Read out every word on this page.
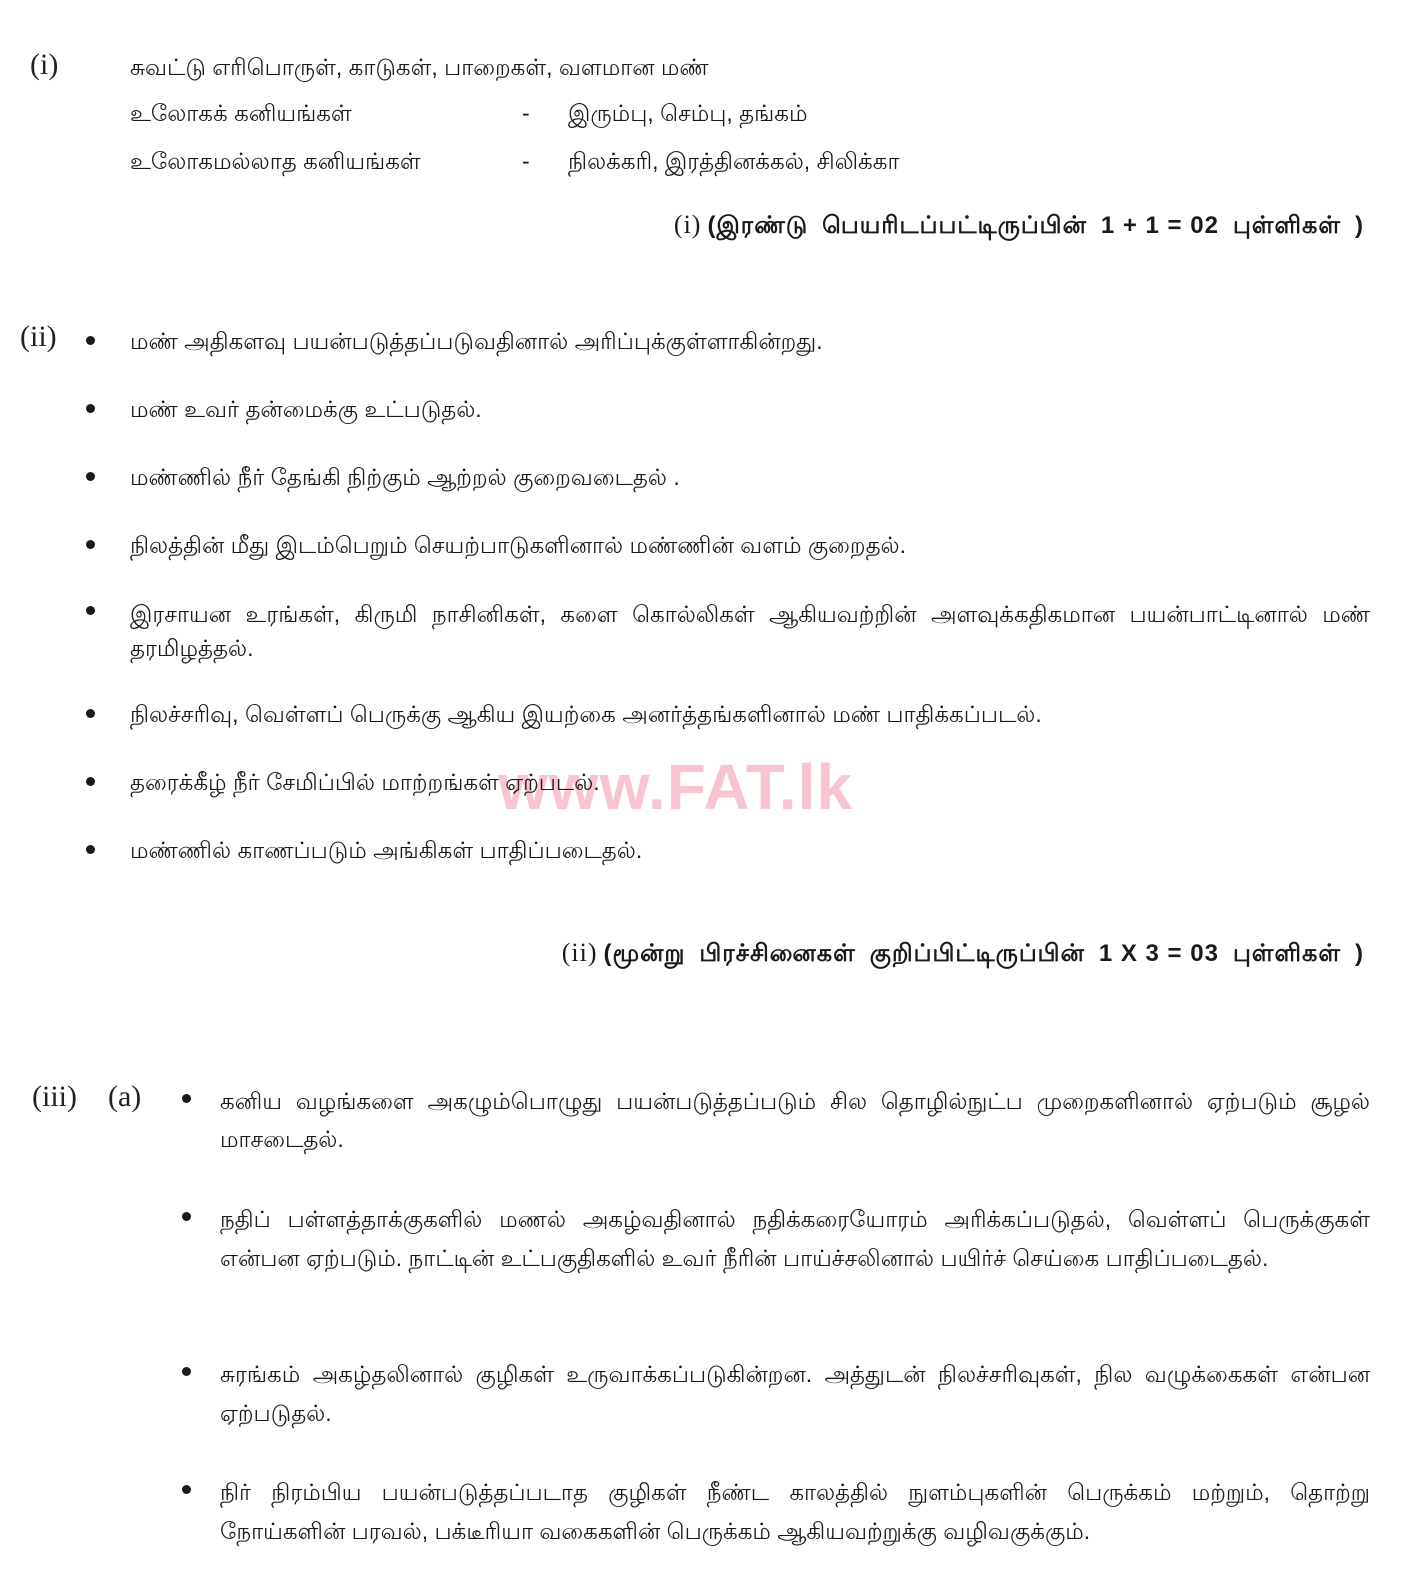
www.FAT.lk
(i)	சுவட்டு எரிபொருள், காடுகள், பாறைகள், வளமான மண்
உலோகக் கனியங்கள்	- இரும்பு, செம்பு, தங்கம்
உலோகமல்லாத கனியங்கள்	- நிலக்கரி, இரத்தினக்கல், சிலிக்கா
(i) (இரண்டு பெயரிடப்பட்டிருப்பின் 1 + 1 = 02 புள்ளிகள் )
(ii)	மண் அதிகளவு பயன்படுத்தப்படுவதினால் அரிப்புக்குள்ளாகின்றது.
மண் உவர் தன்மைக்கு உட்படுதல்.
மண்ணில் நீர் தேங்கி நிற்கும் ஆற்றல் குறைவடைதல் .
நிலத்தின் மீது இடம்பெறும் செயற்பாடுகளினால் மண்ணின் வளம் குறைதல்.
இரசாயன உரங்கள், கிருமி நாசினிகள், களை கொல்லிகள் ஆகியவற்றின் அளவுக்கதிகமான பயன்பாட்டினால் மண் தரமிழத்தல்.
நிலச்சரிவு, வெள்ளப் பெருக்கு ஆகிய இயற்கை அனர்த்தங்களினால் மண் பாதிக்கப்படல்.
தரைக்கீழ் நீர் சேமிப்பில் மாற்றங்கள் ஏற்படல்.
மண்ணில் காணப்படும் அங்கிகள் பாதிப்படைதல்.
(ii) (மூன்று பிரச்சினைகள் குறிப்பிட்டிருப்பின் 1 X 3 = 03 புள்ளிகள் )
(iii) (a)	கனிய வழங்களை அகழும்பொழுது பயன்படுத்தப்படும் சில தொழில்நுட்ப முறைகளினால் ஏற்படும் சூழல் மாசடைதல்.
நதிப் பள்ளத்தாக்குகளில் மணல் அகழ்வதினால் நதிக்கரையோரம் அரிக்கப்படுதல், வெள்ளப் பெருக்குகள் என்பன ஏற்படும். நாட்டின் உட்பகுதிகளில் உவர் நீரின் பாய்ச்சலினால் பயிர்ச் செய்கை பாதிப்படைதல்.
சுரங்கம் அகழ்தலினால் குழிகள் உருவாக்கப்படுகின்றன. அத்துடன் நிலச்சரிவுகள், நில வழுக்கைகள் என்பன ஏற்படுதல்.
நிர் நிரம்பிய பயன்படுத்தப்படாத குழிகள் நீண்ட காலத்தில் நுளம்புகளின் பெருக்கம் மற்றும், தொற்று நோய்களின் பரவல், பக்டீரியா வகைகளின் பெருக்கம் ஆகியவற்றுக்கு வழிவகுக்கும்.
